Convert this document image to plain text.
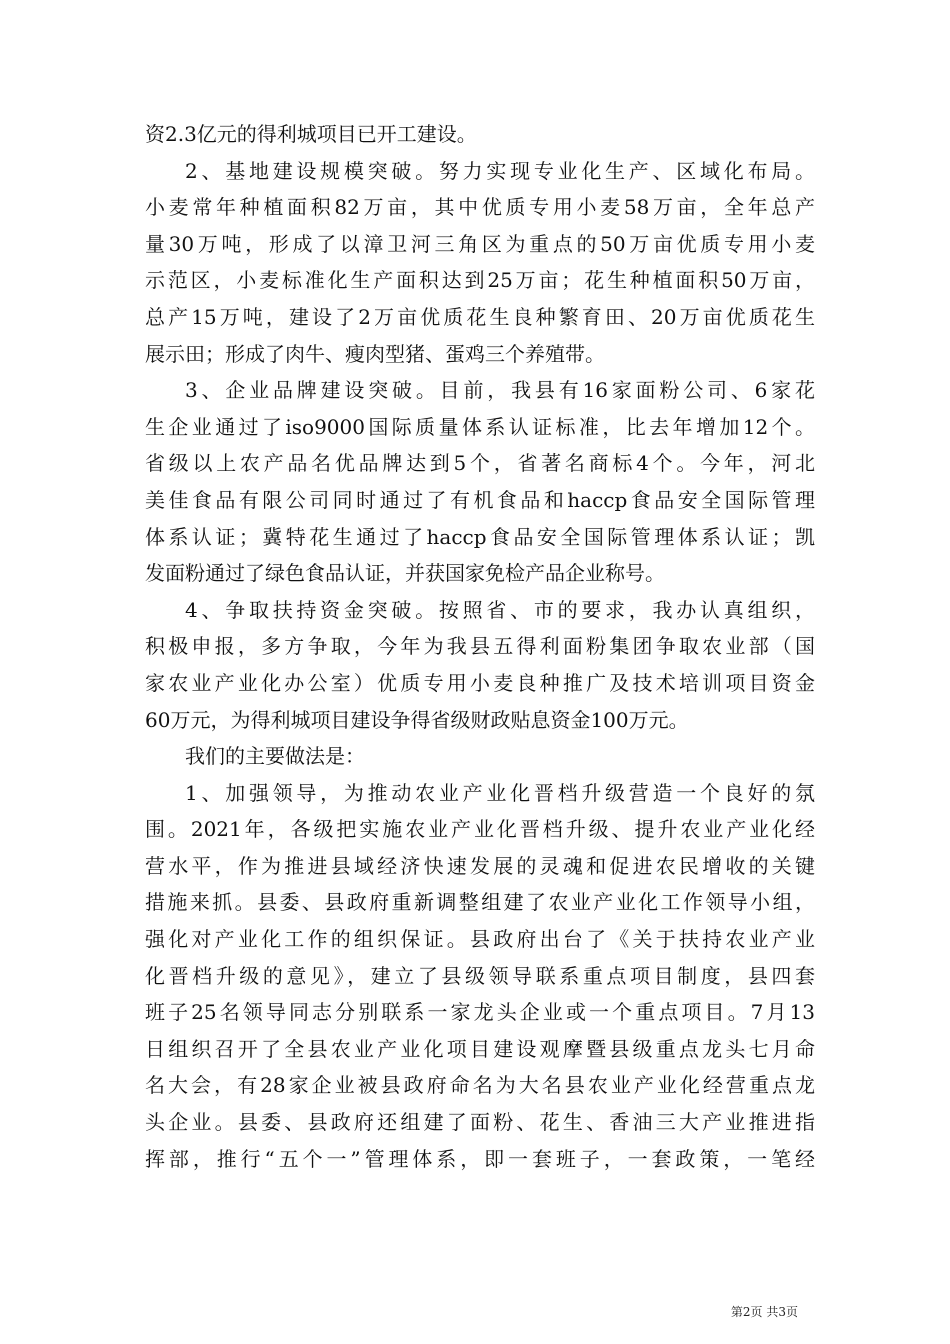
资2.3亿元的得利城项目已开工建设。
2、基地建设规模突破。努力实现专业化生产、区域化布局。
小麦常年种植面积82万亩，其中优质专用小麦58万亩，全年总产
量30万吨，形成了以漳卫河三角区为重点的50万亩优质专用小麦
示范区，小麦标准化生产面积达到25万亩；花生种植面积50万亩，
总产15万吨，建设了2万亩优质花生良种繁育田、20万亩优质花生
展示田；形成了肉牛、瘦肉型猪、蛋鸡三个养殖带。
3、企业品牌建设突破。目前，我县有16家面粉公司、6家花
生企业通过了iso9000国际质量体系认证标准，比去年增加12个。
省级以上农产品名优品牌达到5个，省著名商标4个。今年，河北
美佳食品有限公司同时通过了有机食品和haccp食品安全国际管理
体系认证；冀特花生通过了haccp食品安全国际管理体系认证；凯
发面粉通过了绿色食品认证，并获国家免检产品企业称号。
4、争取扶持资金突破。按照省、市的要求，我办认真组织，
积极申报，多方争取，今年为我县五得利面粉集团争取农业部（国
家农业产业化办公室）优质专用小麦良种推广及技术培训项目资金
60万元，为得利城项目建设争得省级财政贴息资金100万元。
我们的主要做法是：
1、加强领导，为推动农业产业化晋档升级营造一个良好的氛
围。2021年，各级把实施农业产业化晋档升级、提升农业产业化经
营水平，作为推进县域经济快速发展的灵魂和促进农民增收的关键
措施来抓。县委、县政府重新调整组建了农业产业化工作领导小组，
强化对产业化工作的组织保证。县政府出台了《关于扶持农业产业
化晋档升级的意见》，建立了县级领导联系重点项目制度，县四套
班子25名领导同志分别联系一家龙头企业或一个重点项目。7月13
日组织召开了全县农业产业化项目建设观摩暨县级重点龙头七月命
名大会，有28家企业被县政府命名为大名县农业产业化经营重点龙
头企业。县委、县政府还组建了面粉、花生、香油三大产业推进指
挥部，推行“五个一”管理体系，即一套班子，一套政策，一笔经
第2页 共3页
